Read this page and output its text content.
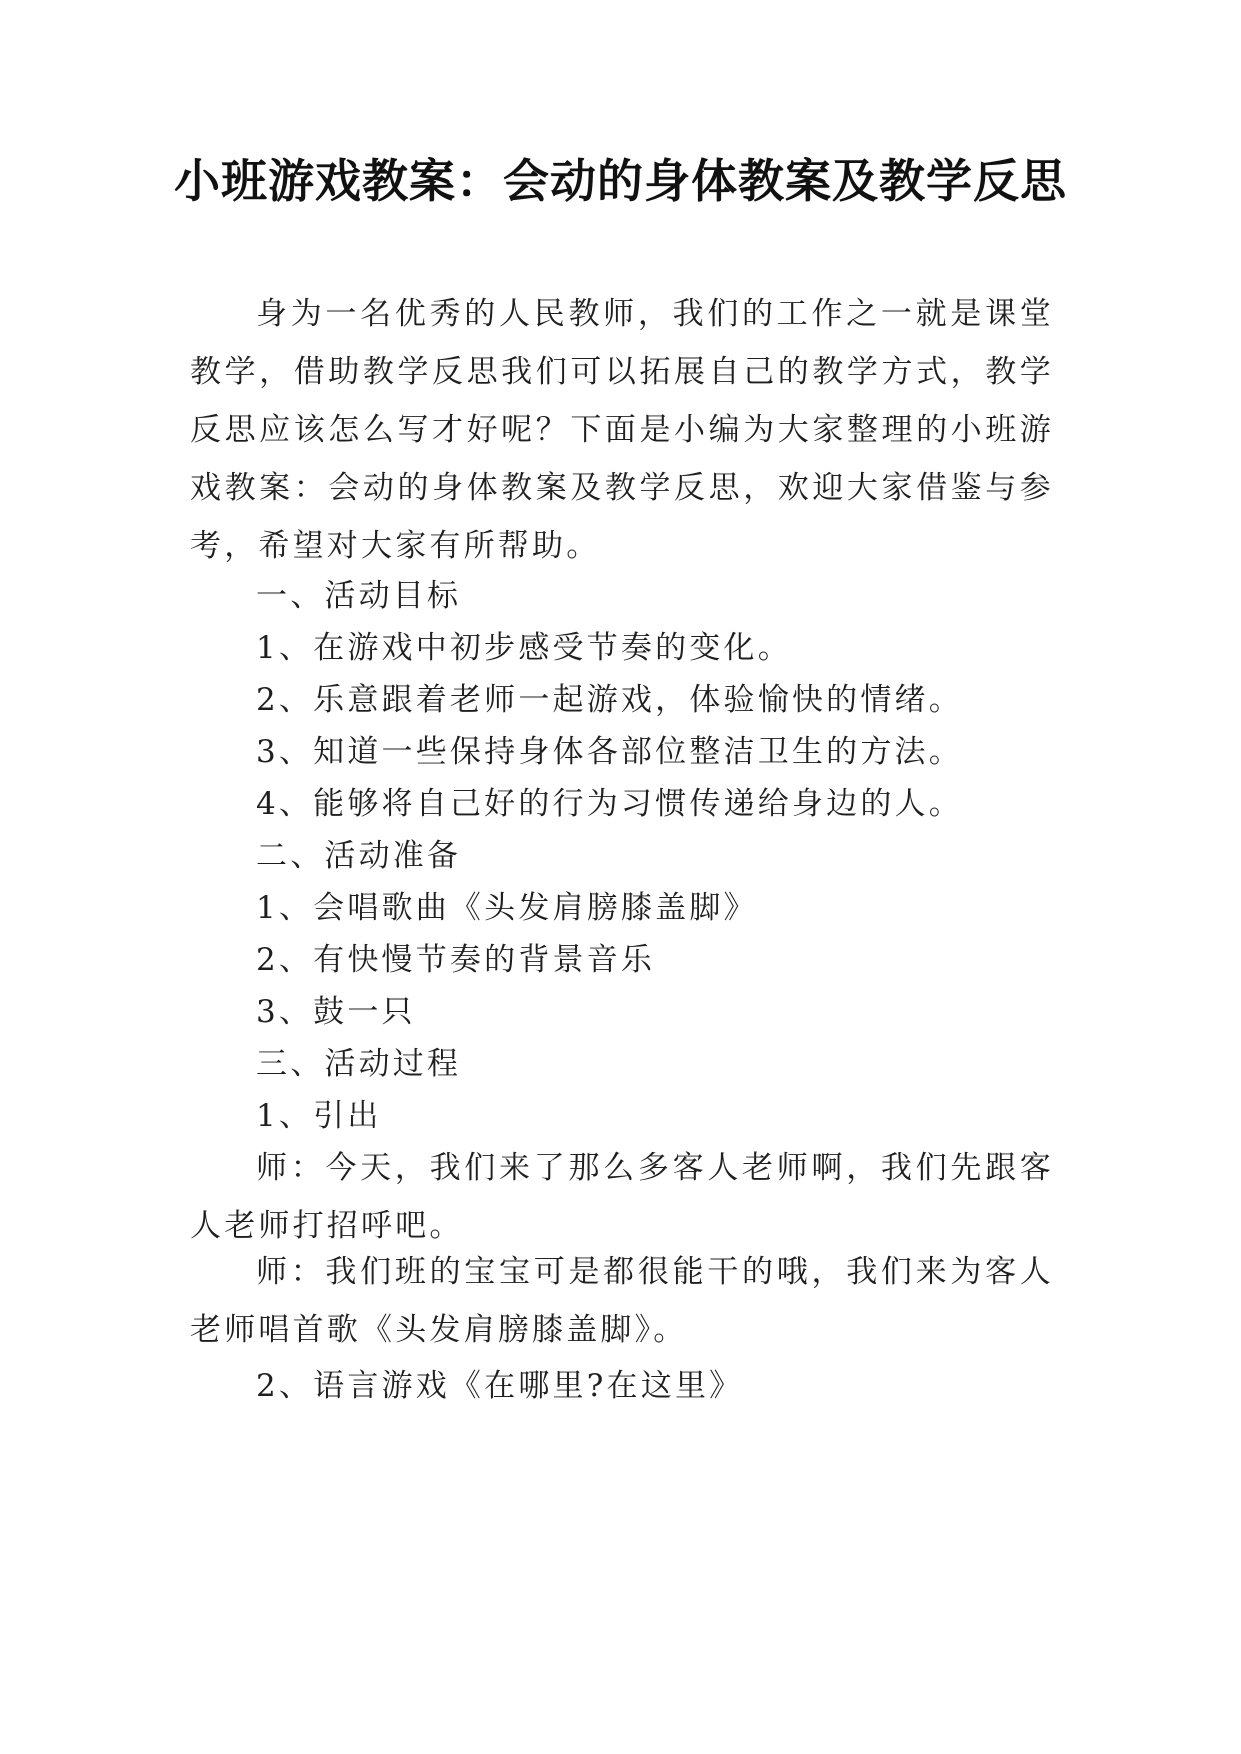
小班游戏教案：会动的身体教案及教学反思

身为一名优秀的人民教师，我们的工作之一就是课堂教学，借助教学反思我们可以拓展自己的教学方式，教学反思应该怎么写才好呢？下面是小编为大家整理的小班游戏教案：会动的身体教案及教学反思，欢迎大家借鉴与参考，希望对大家有所帮助。

一、活动目标

1、在游戏中初步感受节奏的变化。

2、乐意跟着老师一起游戏，体验愉快的情绪。

3、知道一些保持身体各部位整洁卫生的方法。

4、能够将自己好的行为习惯传递给身边的人。

二、活动准备

1、会唱歌曲《头发肩膀膝盖脚》

2、有快慢节奏的背景音乐

3、鼓一只

三、活动过程

1、引出

师：今天，我们来了那么多客人老师啊，我们先跟客人老师打招呼吧。

师：我们班的宝宝可是都很能干的哦，我们来为客人老师唱首歌《头发肩膀膝盖脚》。

2、语言游戏《在哪里?在这里》
